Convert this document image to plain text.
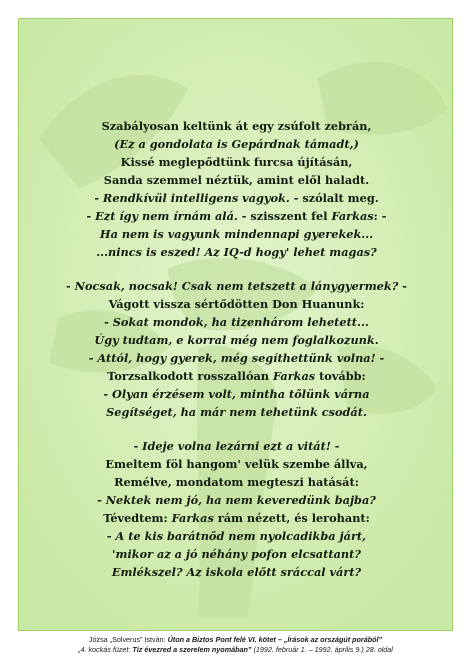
Szabályosan keltünk át egy zsúfolt zebrán,
(Ez a gondolata is Gepárdnak támadt,)
Kissé meglepődtünk furcsa újításán,
Sanda szemmel néztük, amint elől haladt.
- Rendkívül intelligens vagyok. - szólalt meg.
- Ezt így nem írnám alá. - szisszent fel Farkas: -
Ha nem is vagyunk mindennapi gyerekek...
...nincs is eszed! Az IQ-d hogy' lehet magas?
- Nocsak, nocsak! Csak nem tetszett a lánygyermek? -
Vágott vissza sértődötten Don Huanunk:
- Sokat mondok, ha tizenhárom lehetett...
Úgy tudtam, e korral még nem foglalkozunk.
- Attól, hogy gyerek, még segíthettünk volna! -
Torzsalkodott rosszallóan Farkas tovább:
- Olyan érzésem volt, mintha tőlünk várna
Segítséget, ha már nem tehetünk csodát.
- Ideje volna lezárni ezt a vitát! -
Emeltem föl hangom' velük szembe állva,
Remélve, mondatom megteszi hatását:
- Nektek nem jó, ha nem keveredünk bajba?
Tévedtem: Farkas rám nézett, és lerohant:
- A te kis barátnőd nem nyolcadikba járt,
'mikor az a jó néhány pofon elcsattant?
Emlékszel? Az iskola előtt sráccal várt?
Józsa „Solverus” István: Úton a Biztos Pont felé VI. kötet – „Írások az országút porából”
„4. kockás füzet: Tíz évezred a szerelem nyomában” (1992. február 1. – 1992. április 9.) 28. oldal
